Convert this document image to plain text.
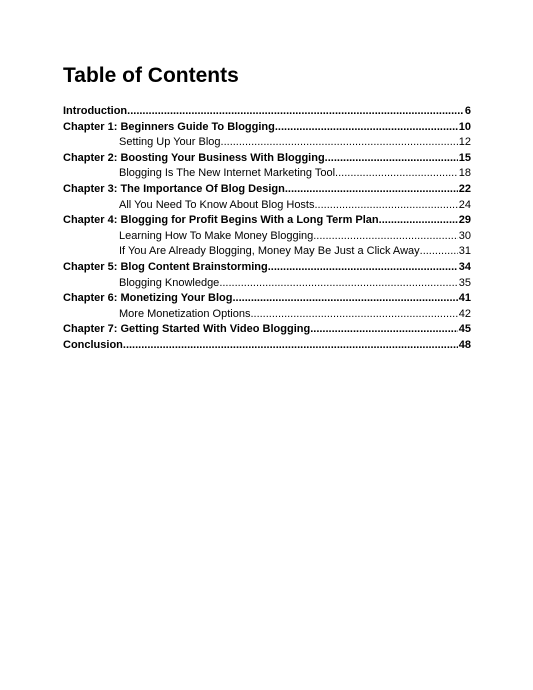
Table of Contents
Introduction .....	6
Chapter 1: Beginners Guide To Blogging .....	10
Setting Up Your Blog .....	12
Chapter 2: Boosting Your Business With Blogging .....	15
Blogging Is The New Internet Marketing Tool .....	18
Chapter 3: The Importance Of Blog Design .....	22
All You Need To Know About Blog Hosts .....	24
Chapter 4: Blogging for Profit Begins With a Long Term Plan .....	29
Learning How To Make Money Blogging .....	30
If You Are Already Blogging, Money May Be Just a Click Away .....	31
Chapter 5: Blog Content Brainstorming .....	34
Blogging Knowledge .....	35
Chapter 6: Monetizing Your Blog .....	41
More Monetization Options .....	42
Chapter 7: Getting Started With Video Blogging .....	45
Conclusion .....	48
